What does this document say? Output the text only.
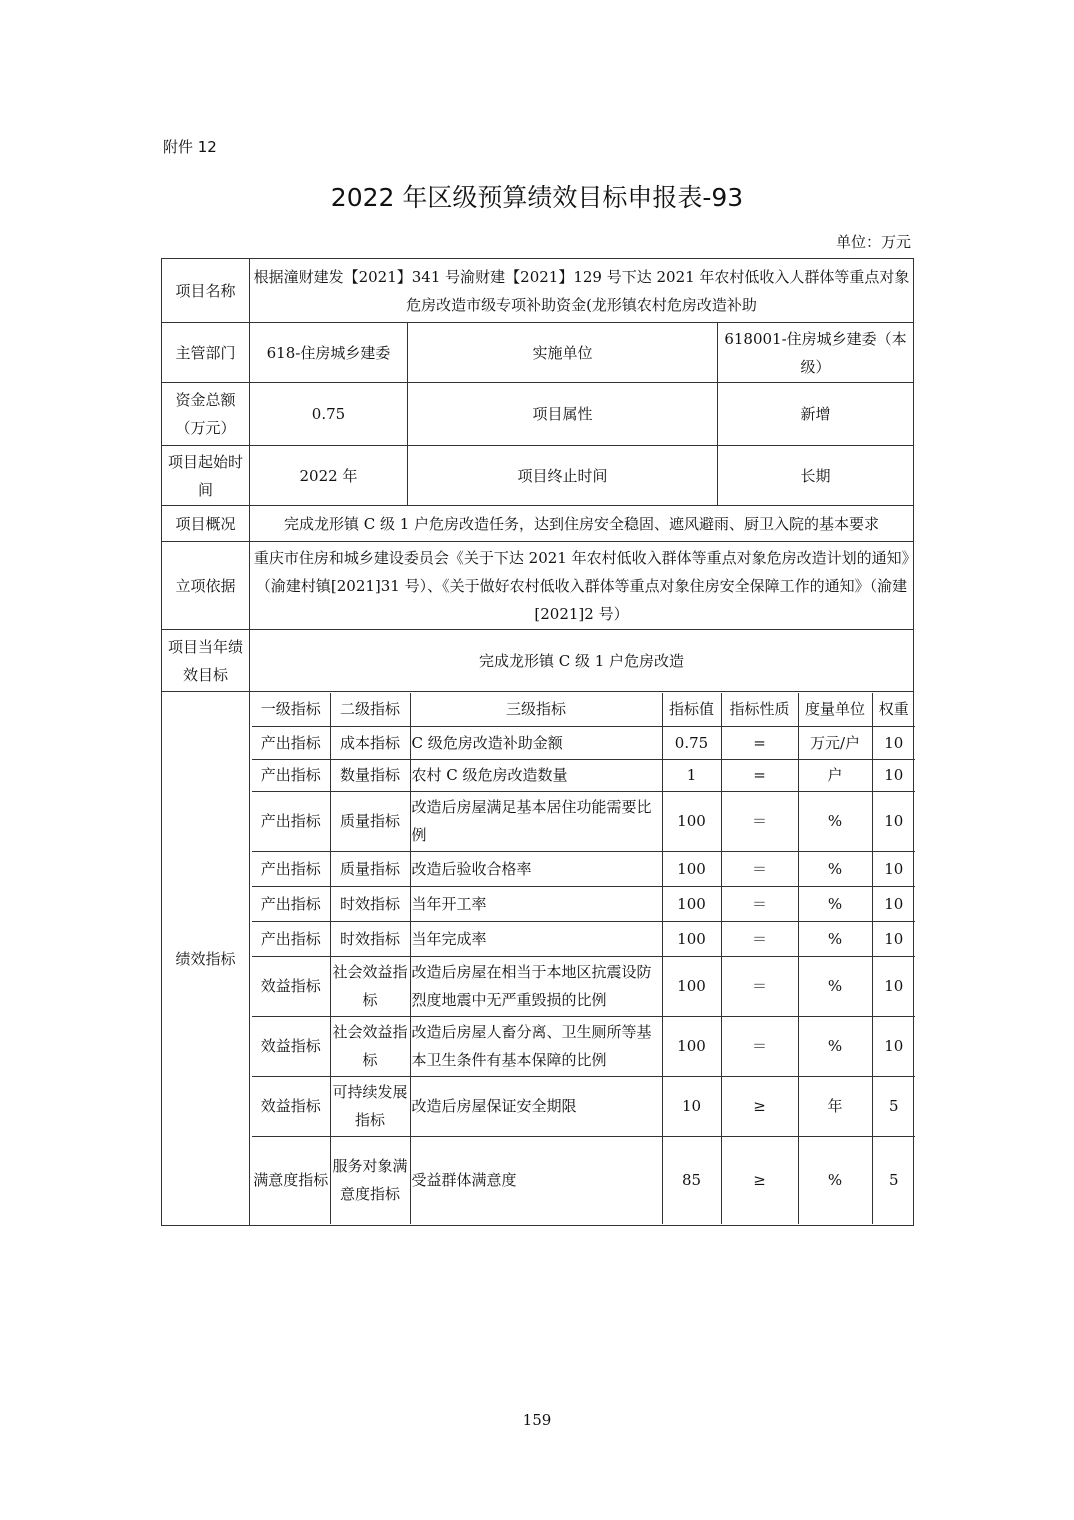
附件 12
2022 年区级预算绩效目标申报表-93
单位：万元
项目名称	根据潼财建发【2021】341 号渝财建【2021】129 号下达 2021 年农村低收入人群体等重点对象危房改造市级专项补助资金(龙形镇农村危房改造补助
主管部门	618-住房城乡建委	实施单位	618001-住房城乡建委（本级）
资金总额（万元）	0.75	项目属性	新增
项目起始时间	2022 年	项目终止时间	长期
项目概况	完成龙形镇 C 级 1 户危房改造任务，达到住房安全稳固、遮风避雨、厨卫入院的基本要求
立项依据	重庆市住房和城乡建设委员会《关于下达 2021 年农村低收入群体等重点对象危房改造计划的通知》（渝建村镇[2021]31 号）、《关于做好农村低收入群体等重点对象住房安全保障工作的通知》（渝建[2021]2 号）
项目当年绩效目标	完成龙形镇 C 级 1 户危房改造
绩效指标	
一级指标	二级指标	三级指标	指标值	指标性质	度量单位	权重
产出指标	成本指标	C 级危房改造补助金额	0.75	=	万元/户	10
产出指标	数量指标	农村 C 级危房改造数量	1	=	户	10
产出指标	质量指标	改造后房屋满足基本居住功能需要比例	100	＝	%	10
产出指标	质量指标	改造后验收合格率	100	＝	%	10
产出指标	时效指标	当年开工率	100	＝	%	10
产出指标	时效指标	当年完成率	100	＝	%	10
效益指标	社会效益指标	改造后房屋在相当于本地区抗震设防烈度地震中无严重毁损的比例	100	＝	%	10
效益指标	社会效益指标	改造后房屋人畜分离、卫生厕所等基本卫生条件有基本保障的比例	100	＝	%	10
效益指标	可持续发展指标	改造后房屋保证安全期限	10	≥	年	5
满意度指标	服务对象满意度指标	受益群体满意度	85	≥	%	5
159
